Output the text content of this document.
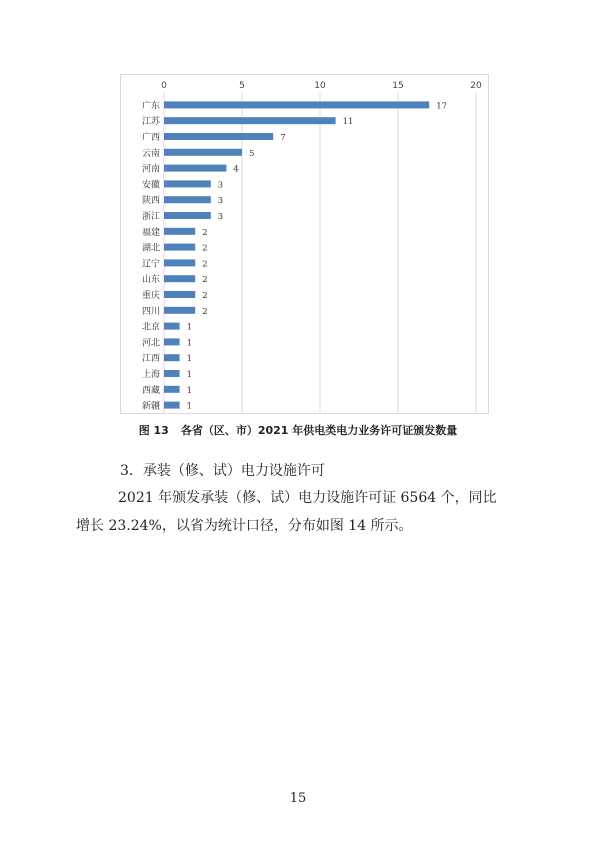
0	5	10	15	20
广东	17
江苏	11
广西	7
云南	5
河南	4
安徽	3
陕西	3
浙江	3
福建	2
湖北	2
辽宁	2
山东	2
重庆	2
四川	2
北京	1
河北	1
江西	1
上海	1
西藏	1
新疆	1
图 13 各省（区、市）2021 年供电类电力业务许可证颁发数量
3．承装（修、试）电力设施许可
2021 年颁发承装（修、试）电力设施许可证 6564 个，同比
增长 23.24%，以省为统计口径，分布如图 14 所示。
15
